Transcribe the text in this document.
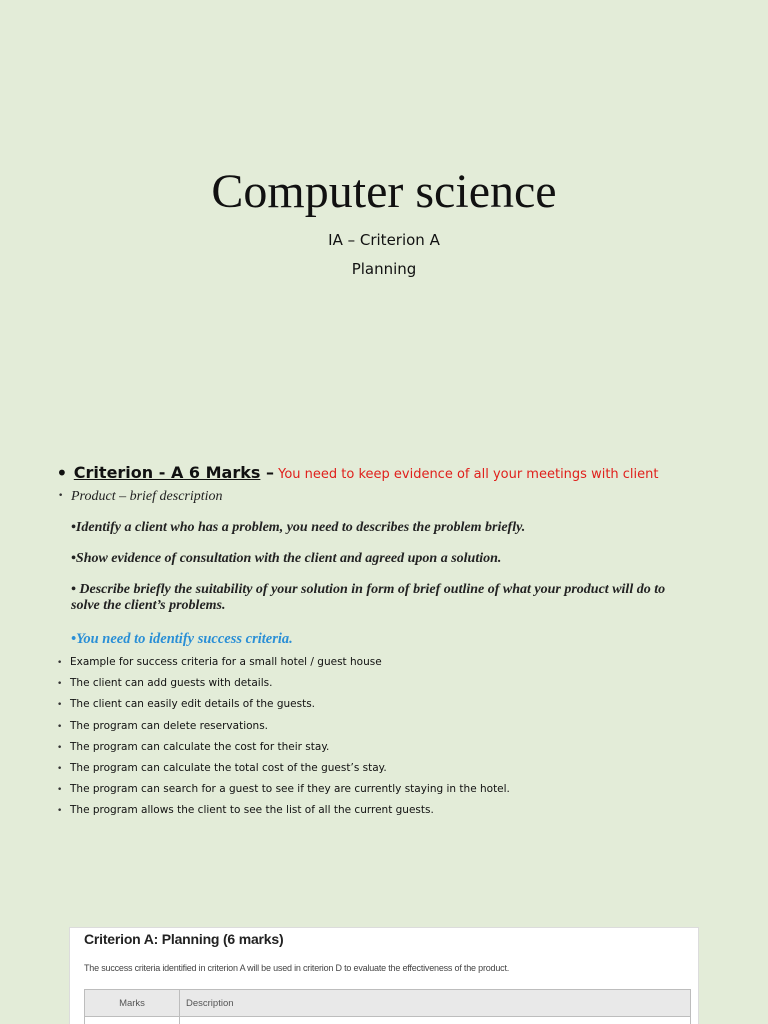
Computer science
IA – Criterion A
Planning
• Criterion - A 6 Marks – You need to keep evidence of all your meetings with client
• Product – brief description
•Identify a client who has a problem, you need to describes the problem briefly.
•Show evidence of consultation with the client and agreed upon a solution.
• Describe briefly the suitability of your solution in form of brief outline of what your product will do to
solve the client’s problems.
•You need to identify success criteria.
• Example for success criteria for a small hotel / guest house
• The client can add guests with details.
• The client can easily edit details of the guests.
• The program can delete reservations.
• The program can calculate the cost for their stay.
• The program can calculate the total cost of the guest’s stay.
• The program can search for a guest to see if they are currently staying in the hotel.
• The program allows the client to see the list of all the current guests.
Criterion A: Planning (6 marks)
The success criteria identified in criterion A will be used in criterion D to evaluate the effectiveness of the product.
Marks	Description
